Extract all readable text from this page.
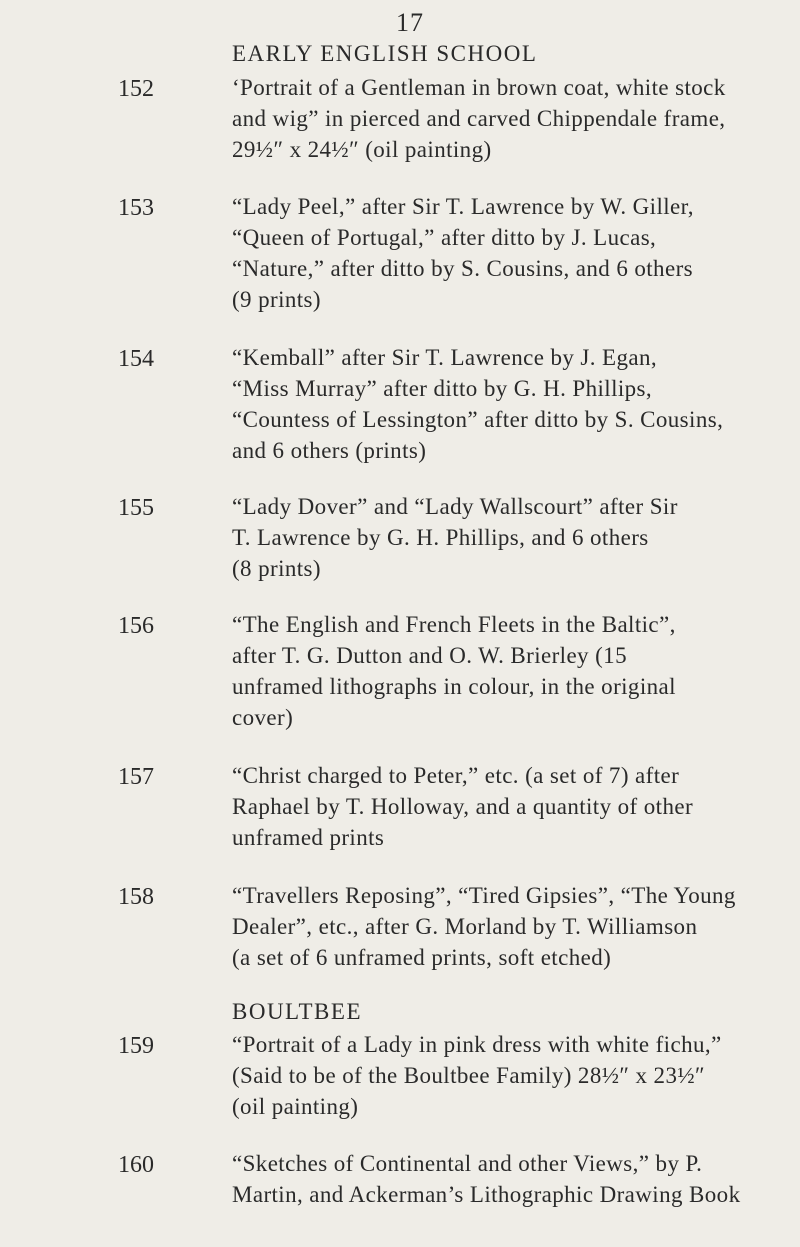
17
EARLY ENGLISH SCHOOL
152	‘Portrait of a Gentleman in brown coat, white stock
and wig” in pierced and carved Chippendale frame,
29½″ x 24½″ (oil painting)
153	“Lady Peel,” after Sir T. Lawrence by W. Giller,
“Queen of Portugal,” after ditto by J. Lucas,
“Nature,” after ditto by S. Cousins, and 6 others
(9 prints)
154	“Kemball” after Sir T. Lawrence by J. Egan,
“Miss Murray” after ditto by G. H. Phillips,
“Countess of Lessington” after ditto by S. Cousins,
and 6 others (prints)
155	“Lady Dover” and “Lady Wallscourt” after Sir
T. Lawrence by G. H. Phillips, and 6 others
(8 prints)
156	“The English and French Fleets in the Baltic”,
after T. G. Dutton and O. W. Brierley (15
unframed lithographs in colour, in the original
cover)
157	“Christ charged to Peter,” etc. (a set of 7) after
Raphael by T. Holloway, and a quantity of other
unframed prints
158	“Travellers Reposing”, “Tired Gipsies”, “The Young
Dealer”, etc., after G. Morland by T. Williamson
(a set of 6 unframed prints, soft etched)
BOULTBEE
159	“Portrait of a Lady in pink dress with white fichu,”
(Said to be of the Boultbee Family) 28½″ x 23½″
(oil painting)
160	“Sketches of Continental and other Views,” by P.
Martin, and Ackerman’s Lithographic Drawing Book
